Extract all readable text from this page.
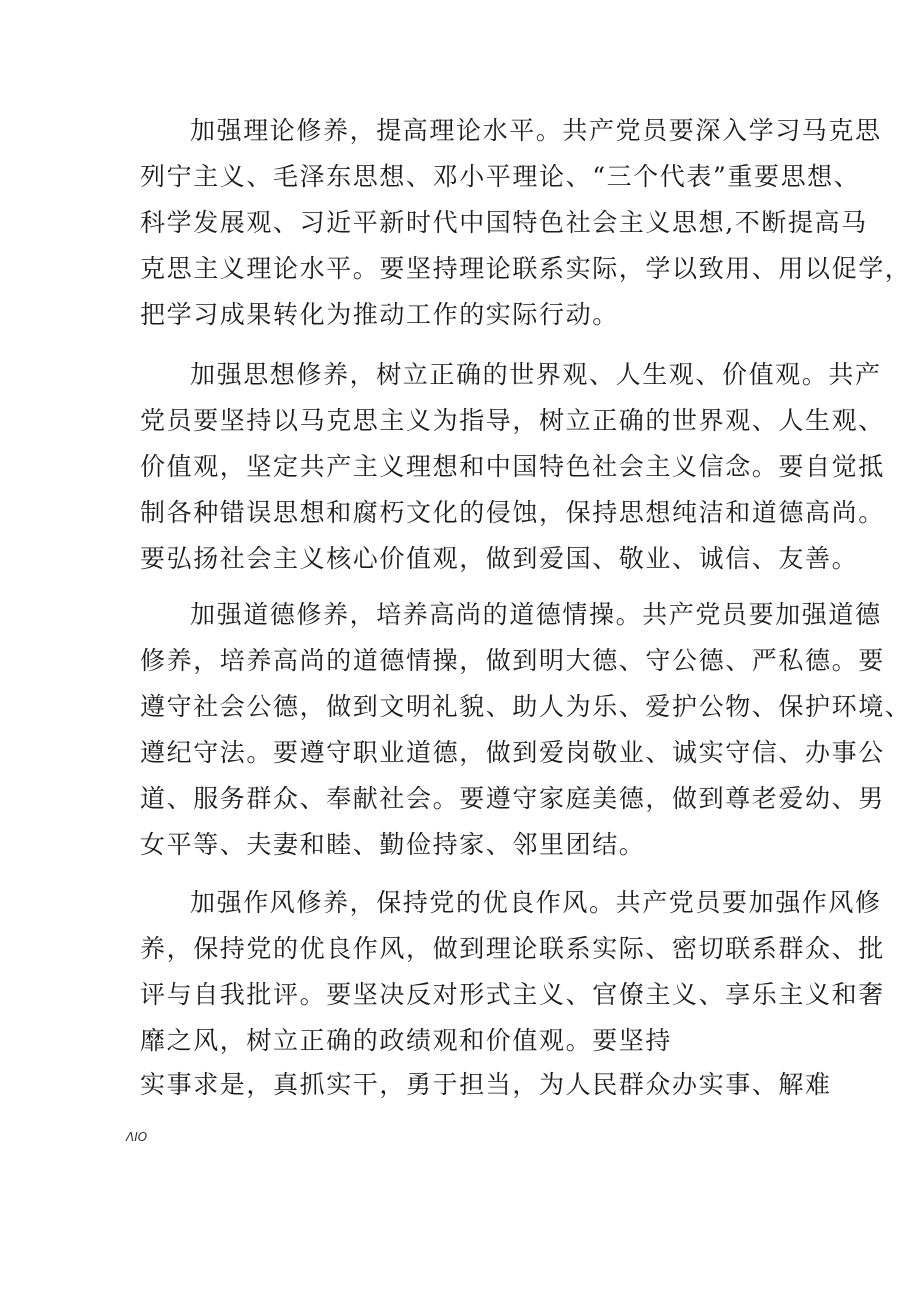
加强理论修养，提高理论水平。共产党员要深入学习马克思
列宁主义、毛泽东思想、邓小平理论、“三个代表”重要思想、
科学发展观、习近平新时代中国特色社会主义思想,不断提高马
克思主义理论水平。要坚持理论联系实际，学以致用、用以促学，
把学习成果转化为推动工作的实际行动。
加强思想修养，树立正确的世界观、人生观、价值观。共产
党员要坚持以马克思主义为指导，树立正确的世界观、人生观、
价值观，坚定共产主义理想和中国特色社会主义信念。要自觉抵
制各种错误思想和腐朽文化的侵蚀，保持思想纯洁和道德高尚。
要弘扬社会主义核心价值观，做到爱国、敬业、诚信、友善。
加强道德修养，培养高尚的道德情操。共产党员要加强道德
修养，培养高尚的道德情操，做到明大德、守公德、严私德。要
遵守社会公德，做到文明礼貌、助人为乐、爱护公物、保护环境、
遵纪守法。要遵守职业道德，做到爱岗敬业、诚实守信、办事公
道、服务群众、奉献社会。要遵守家庭美德，做到尊老爱幼、男
女平等、夫妻和睦、勤俭持家、邻里团结。
加强作风修养，保持党的优良作风。共产党员要加强作风修
养，保持党的优良作风，做到理论联系实际、密切联系群众、批
评与自我批评。要坚决反对形式主义、官僚主义、享乐主义和奢
靡之风，树立正确的政绩观和价值观。要坚持
实事求是，真抓实干，勇于担当，为人民群众办实事、解难
ΛΙΟ
